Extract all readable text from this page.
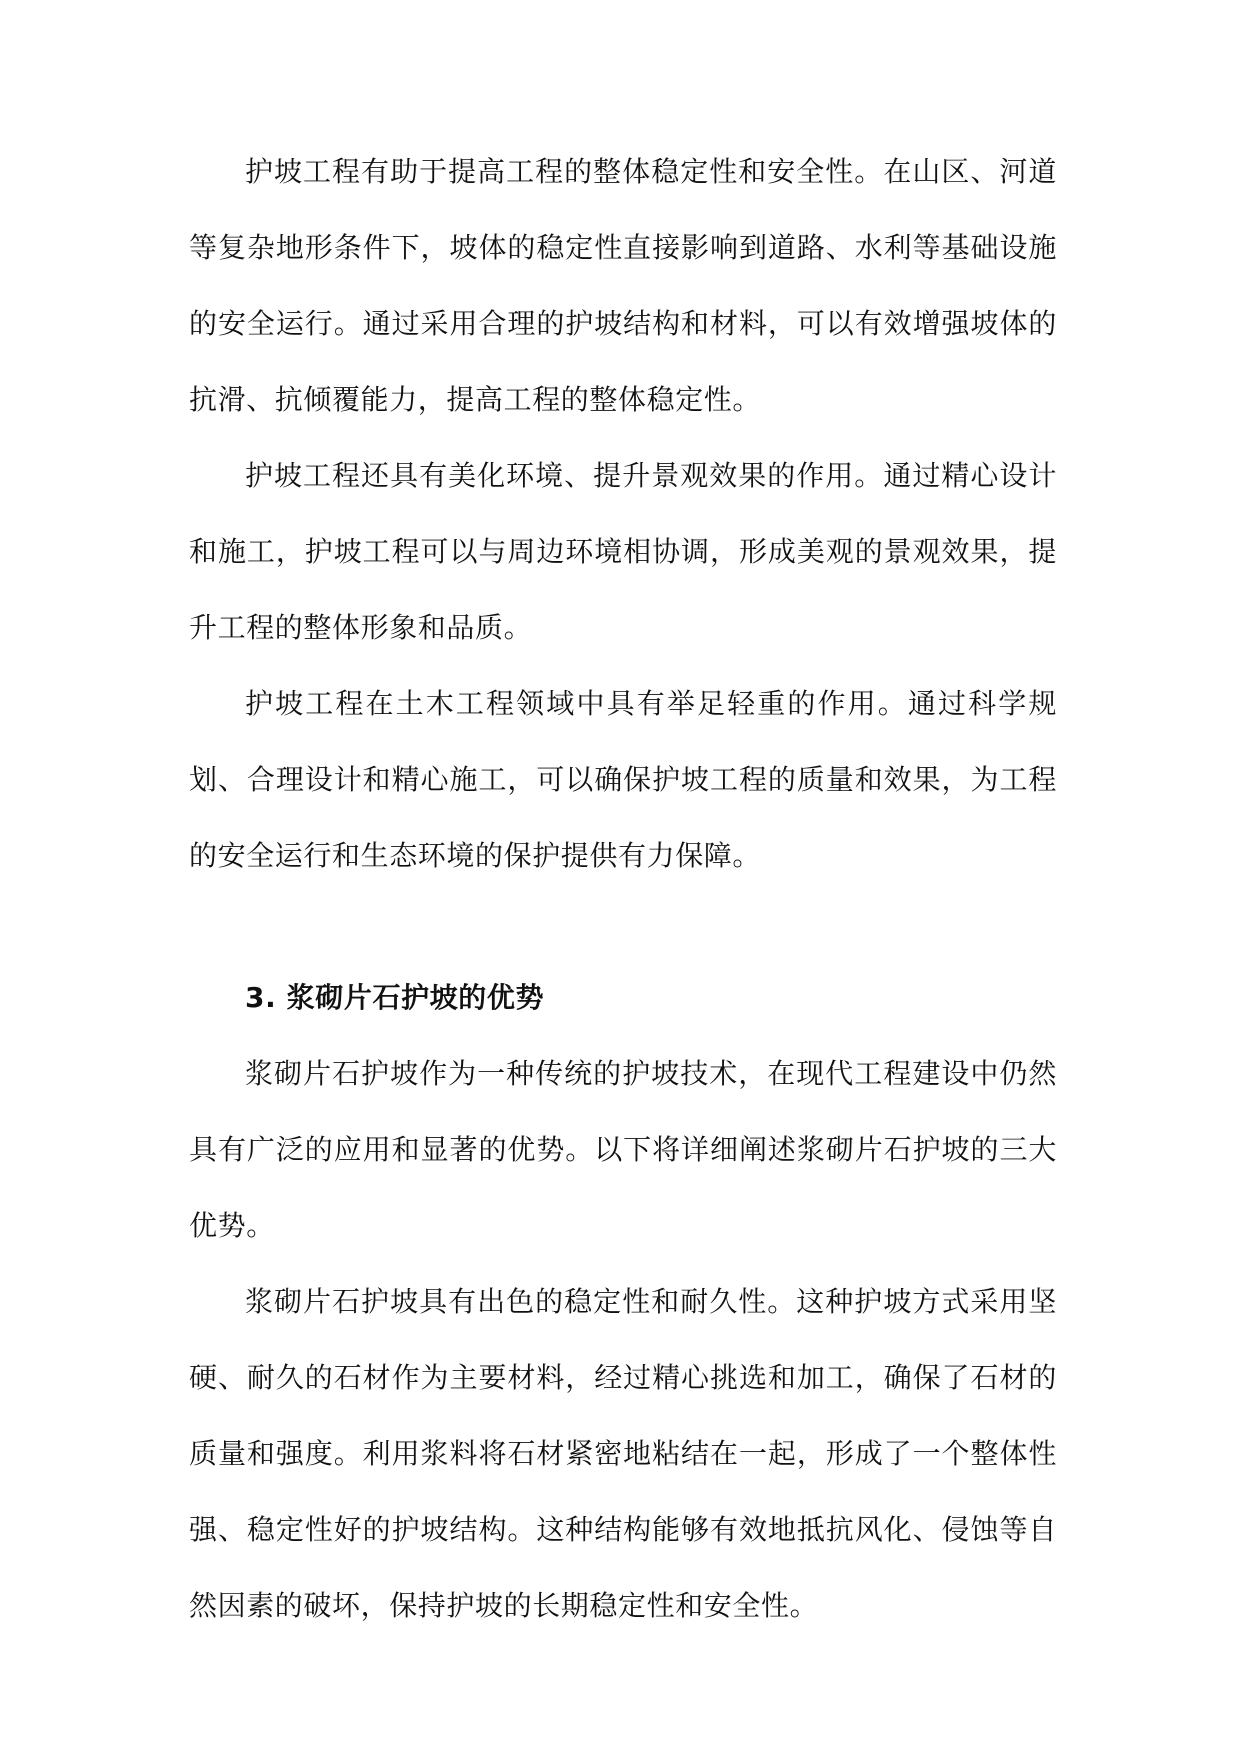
护坡工程有助于提高工程的整体稳定性和安全性。在山区、河道等复杂地形条件下，坡体的稳定性直接影响到道路、水利等基础设施的安全运行。通过采用合理的护坡结构和材料，可以有效增强坡体的抗滑、抗倾覆能力，提高工程的整体稳定性。

护坡工程还具有美化环境、提升景观效果的作用。通过精心设计和施工，护坡工程可以与周边环境相协调，形成美观的景观效果，提升工程的整体形象和品质。

护坡工程在土木工程领域中具有举足轻重的作用。通过科学规划、合理设计和精心施工，可以确保护坡工程的质量和效果，为工程的安全运行和生态环境的保护提供有力保障。

3. 浆砌片石护坡的优势

浆砌片石护坡作为一种传统的护坡技术，在现代工程建设中仍然具有广泛的应用和显著的优势。以下将详细阐述浆砌片石护坡的三大优势。

浆砌片石护坡具有出色的稳定性和耐久性。这种护坡方式采用坚硬、耐久的石材作为主要材料，经过精心挑选和加工，确保了石材的质量和强度。利用浆料将石材紧密地粘结在一起，形成了一个整体性强、稳定性好的护坡结构。这种结构能够有效地抵抗风化、侵蚀等自然因素的破坏，保持护坡的长期稳定性和安全性。
